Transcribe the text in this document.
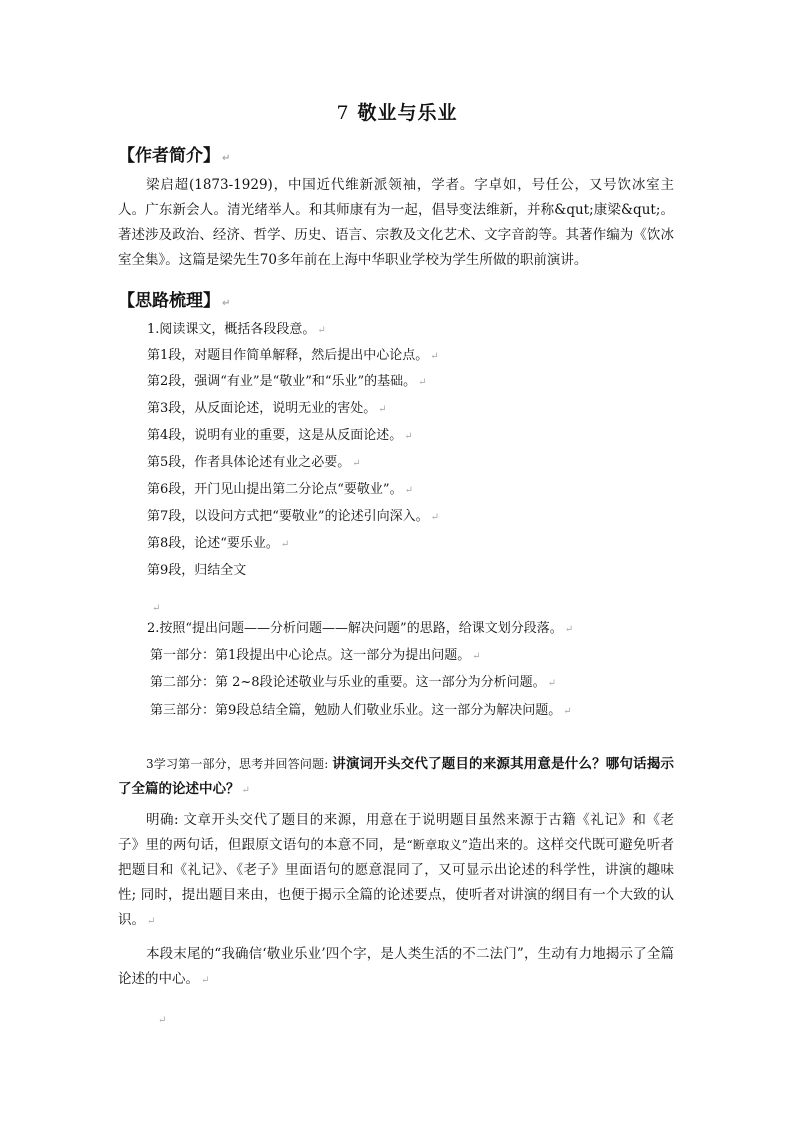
7 敬业与乐业
【作者简介】 ↵
梁启超(1873-1929)，中国近代维新派领袖，学者。字卓如，号任公，又号饮冰室主人。广东新会人。清光绪举人。和其师康有为一起，倡导变法维新，并称&qut;康梁&qut;。著述涉及政治、经济、哲学、历史、语言、宗教及文化艺术、文字音韵等。其著作编为《饮冰室全集》。这篇是梁先生70多年前在上海中华职业学校为学生所做的职前演讲。
【思路梳理】 ↵
1.阅读课文，概括各段段意。 ↵
第1段，对题目作简单解释，然后提出中心论点。 ↵
第2段，强调“有业”是“敬业”和“乐业”的基础。 ↵
第3段，从反面论述，说明无业的害处。 ↵
第4段，说明有业的重要，这是从反面论述。 ↵
第5段，作者具体论述有业之必要。 ↵
第6段，开门见山提出第二分论点“要敬业”。 ↵
第7段，以设问方式把“要敬业”的论述引向深入。 ↵
第8段，论述“要乐业。 ↵
第9段，归结全文
↵
2.按照“提出问题——分析问题——解决问题”的思路，给课文划分段落。 ↵
第一部分：第1段提出中心论点。这一部分为提出问题。 ↵
第二部分：第 2~8段论述敬业与乐业的重要。这一部分为分析问题。 ↵
第三部分：第9段总结全篇，勉励人们敬业乐业。这一部分为解决问题。 ↵
3学习第一部分，思考并回答问题: 讲演词开头交代了题目的来源其用意是什么？哪句话揭示了全篇的论述中心？ ↵
明确: 文章开头交代了题目的来源，用意在于说明题目虽然来源于古籍《礼记》和《老子》里的两句话，但跟原文语句的本意不同，是“断章取义”造出来的。这样交代既可避免听者把题目和《礼记》、《老子》里面语句的愿意混同了，又可显示出论述的科学性，讲演的趣味性; 同时，提出题目来由，也便于揭示全篇的论述要点，使听者对讲演的纲目有一个大致的认识。 ↵
本段末尾的“我确信‘敬业乐业’四个字，是人类生活的不二法门”，生动有力地揭示了全篇论述的中心。 ↵
↵
